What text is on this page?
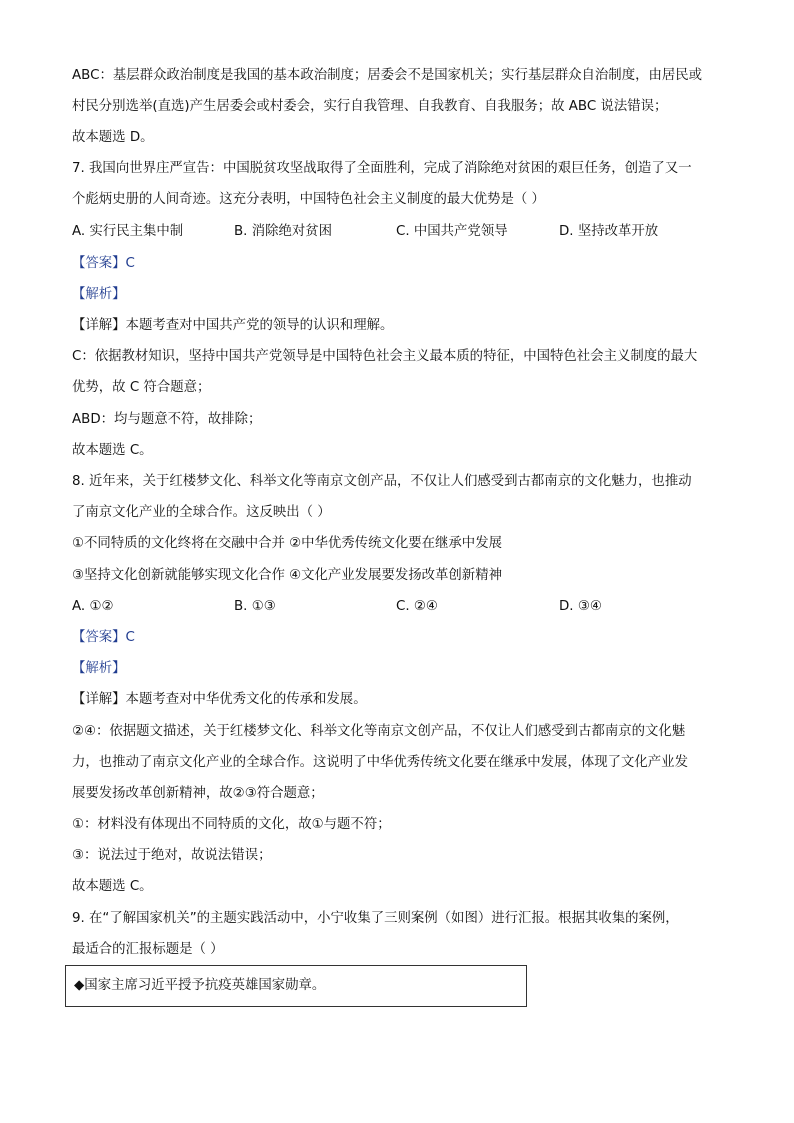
ABC：基层群众政治制度是我国的基本政治制度；居委会不是国家机关；实行基层群众自治制度，由居民或
村民分别选举(直选)产生居委会或村委会，实行自我管理、自我教育、自我服务；故 ABC 说法错误；
故本题选 D。
7. 我国向世界庄严宣告：中国脱贫攻坚战取得了全面胜利，完成了消除绝对贫困的艰巨任务，创造了又一
个彪炳史册的人间奇迹。这充分表明，中国特色社会主义制度的最大优势是（ ）
A. 实行民主集中制	B. 消除绝对贫困	C. 中国共产党领导	D. 坚持改革开放
【答案】C
【解析】
【详解】本题考查对中国共产党的领导的认识和理解。
C：依据教材知识，坚持中国共产党领导是中国特色社会主义最本质的特征，中国特色社会主义制度的最大
优势，故 C 符合题意；
ABD：均与题意不符，故排除；
故本题选 C。
8. 近年来，关于红楼梦文化、科举文化等南京文创产品，不仅让人们感受到古都南京的文化魅力，也推动
了南京文化产业的全球合作。这反映出（ ）
①不同特质的文化终将在交融中合并 ②中华优秀传统文化要在继承中发展
③坚持文化创新就能够实现文化合作 ④文化产业发展要发扬改革创新精神
A. ①②	B. ①③	C. ②④	D. ③④
【答案】C
【解析】
【详解】本题考查对中华优秀文化的传承和发展。
②④：依据题文描述，关于红楼梦文化、科举文化等南京文创产品，不仅让人们感受到古都南京的文化魅
力，也推动了南京文化产业的全球合作。这说明了中华优秀传统文化要在继承中发展，体现了文化产业发
展要发扬改革创新精神，故②③符合题意；
①：材料没有体现出不同特质的文化，故①与题不符；
③：说法过于绝对，故说法错误；
故本题选 C。
9. 在“了解国家机关”的主题实践活动中，小宁收集了三则案例（如图）进行汇报。根据其收集的案例，
最适合的汇报标题是（ ）
◆国家主席习近平授予抗疫英雄国家勋章。
